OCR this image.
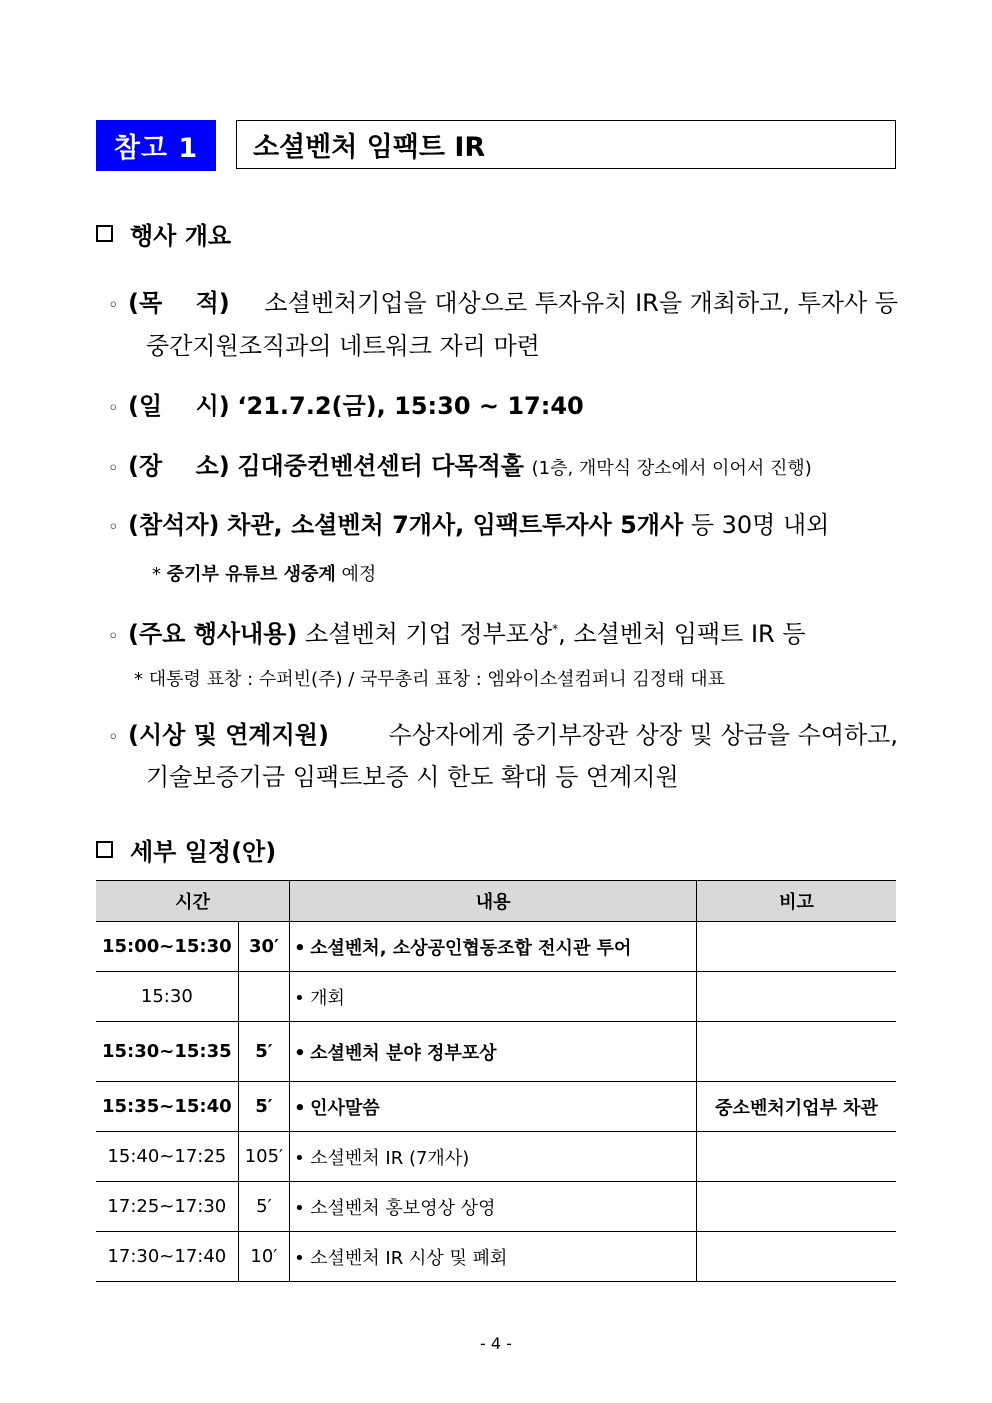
참고 1	소셜벤처 임팩트 IR
행사 개요
◦ (목    적) 소셜벤처기업을 대상으로 투자유치 IR을 개최하고, 투자사 등
중간지원조직과의 네트워크 자리 마련
◦ (일    시) ‘21.7.2(금), 15:30 ~ 17:40
◦ (장    소) 김대중컨벤션센터 다목적홀 (1층, 개막식 장소에서 이어서 진행)
◦ (참석자) 차관, 소셜벤처 7개사, 임팩트투자사 5개사 등 30명 내외
* 중기부 유튜브 생중계 예정
◦ (주요 행사내용) 소셜벤처 기업 정부포상*, 소셜벤처 임팩트 IR 등
* 대통령 표창 : 수퍼빈(주) / 국무총리 표창 : 엠와이소셜컴퍼니 김정태 대표
◦ (시상 및 연계지원) 수상자에게 중기부장관 상장 및 상금을 수여하고,
기술보증기금 임팩트보증 시 한도 확대 등 연계지원
세부 일정(안)
시간		내용	비고
15:00~15:30	30′	• 소셜벤처, 소상공인협동조합 전시관 투어	
15:30		• 개회	
15:30~15:35	5′	• 소셜벤처 분야 정부포상	
15:35~15:40	5′	• 인사말씀	중소벤처기업부 차관
15:40~17:25	105′	• 소셜벤처 IR (7개사)	
17:25~17:30	5′	• 소셜벤처 홍보영상 상영	
17:30~17:40	10′	• 소셜벤처 IR 시상 및 폐회	
- 4 -
